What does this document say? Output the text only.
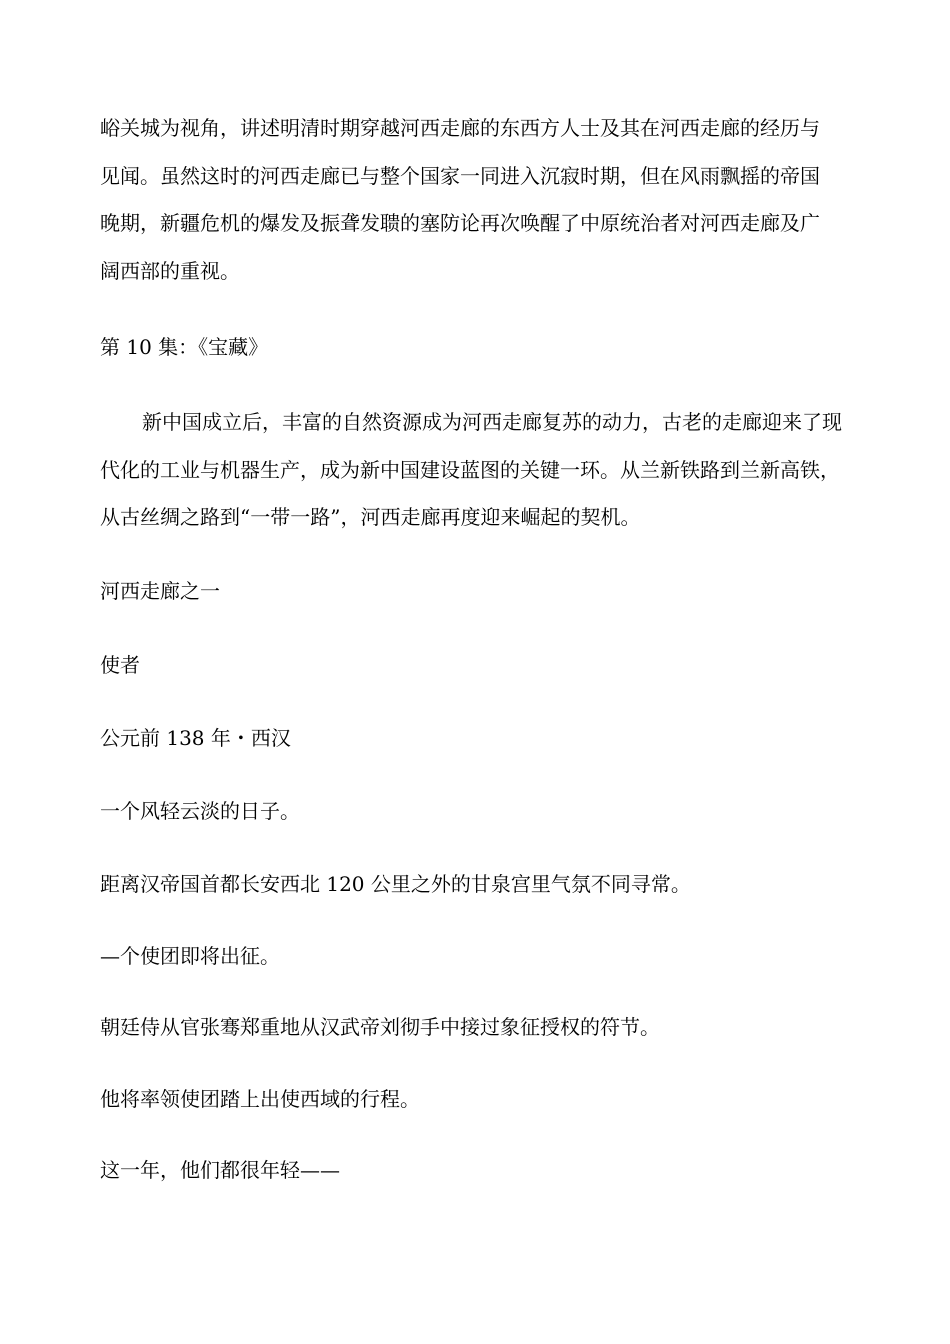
峪关城为视角，讲述明清时期穿越河西走廊的东西方人士及其在河西走廊的经历与
见闻。虽然这时的河西走廊已与整个国家一同进入沉寂时期，但在风雨飘摇的帝国
晚期，新疆危机的爆发及振聋发聩的塞防论再次唤醒了中原统治者对河西走廊及广
阔西部的重视。
第 10 集：《宝藏》
新中国成立后，丰富的自然资源成为河西走廊复苏的动力，古老的走廊迎来了现
代化的工业与机器生产，成为新中国建设蓝图的关键一环。从兰新铁路到兰新高铁，
从古丝绸之路到“一带一路”，河西走廊再度迎来崛起的契机。
河西走廊之一
使者
公元前 138 年・西汉
一个风轻云淡的日子。
距离汉帝国首都长安西北 120 公里之外的甘泉宫里气氛不同寻常。
—个使团即将出征。
朝廷侍从官张骞郑重地从汉武帝刘彻手中接过象征授权的符节。
他将率领使团踏上出使西域的行程。
这一年，他们都很年轻——
